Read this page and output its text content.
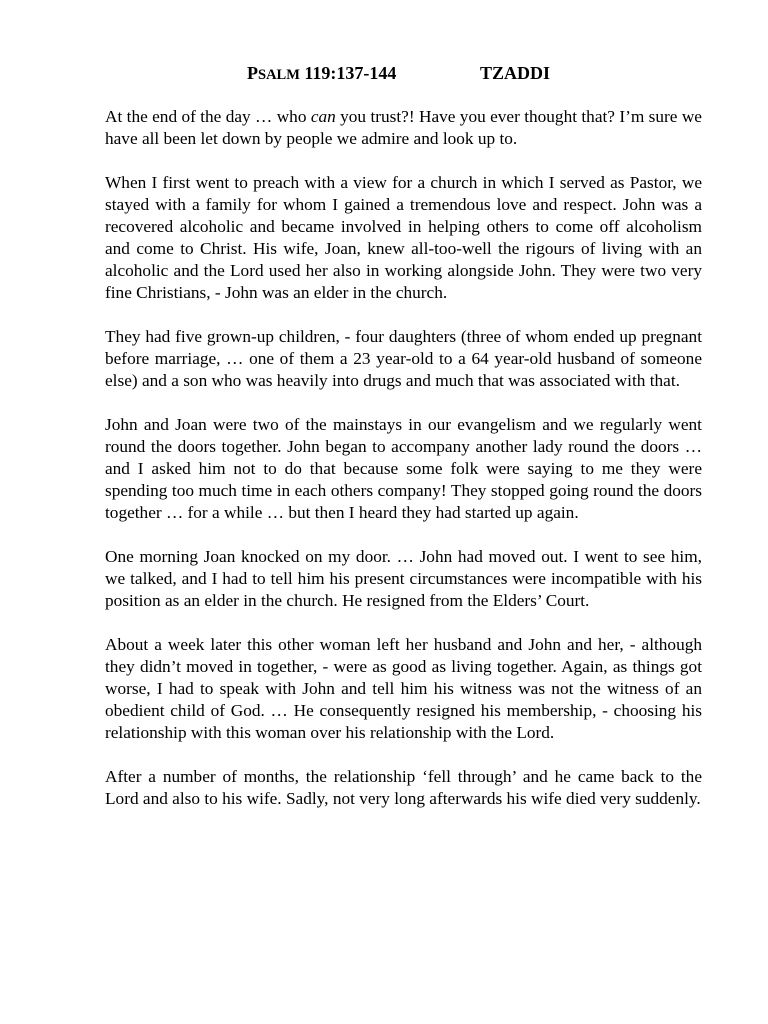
PSALM 119:137-144	TZADDI

At the end of the day … who can you trust?! Have you ever thought that? I’m sure we have all been let down by people we admire and look up to.

When I first went to preach with a view for a church in which I served as Pastor, we stayed with a family for whom I gained a tremendous love and respect. John was a recovered alcoholic and became involved in helping others to come off alcoholism and come to Christ. His wife, Joan, knew all-too-well the rigours of living with an alcoholic and the Lord used her also in working alongside John. They were two very fine Christians, - John was an elder in the church.

They had five grown-up children, - four daughters (three of whom ended up pregnant before marriage, … one of them a 23 year-old to a 64 year-old husband of someone else) and a son who was heavily into drugs and much that was associated with that.

John and Joan were two of the mainstays in our evangelism and we regularly went round the doors together. John began to accompany another lady round the doors … and I asked him not to do that because some folk were saying to me they were spending too much time in each others company! They stopped going round the doors together … for a while … but then I heard they had started up again.

One morning Joan knocked on my door. … John had moved out. I went to see him, we talked, and I had to tell him his present circumstances were incompatible with his position as an elder in the church. He resigned from the Elders’ Court.

About a week later this other woman left her husband and John and her, - although they didn’t moved in together, - were as good as living together. Again, as things got worse, I had to speak with John and tell him his witness was not the witness of an obedient child of God. … He consequently resigned his membership, - choosing his relationship with this woman over his relationship with the Lord.

After a number of months, the relationship ‘fell through’ and he came back to the Lord and also to his wife. Sadly, not very long afterwards his wife died very suddenly.
